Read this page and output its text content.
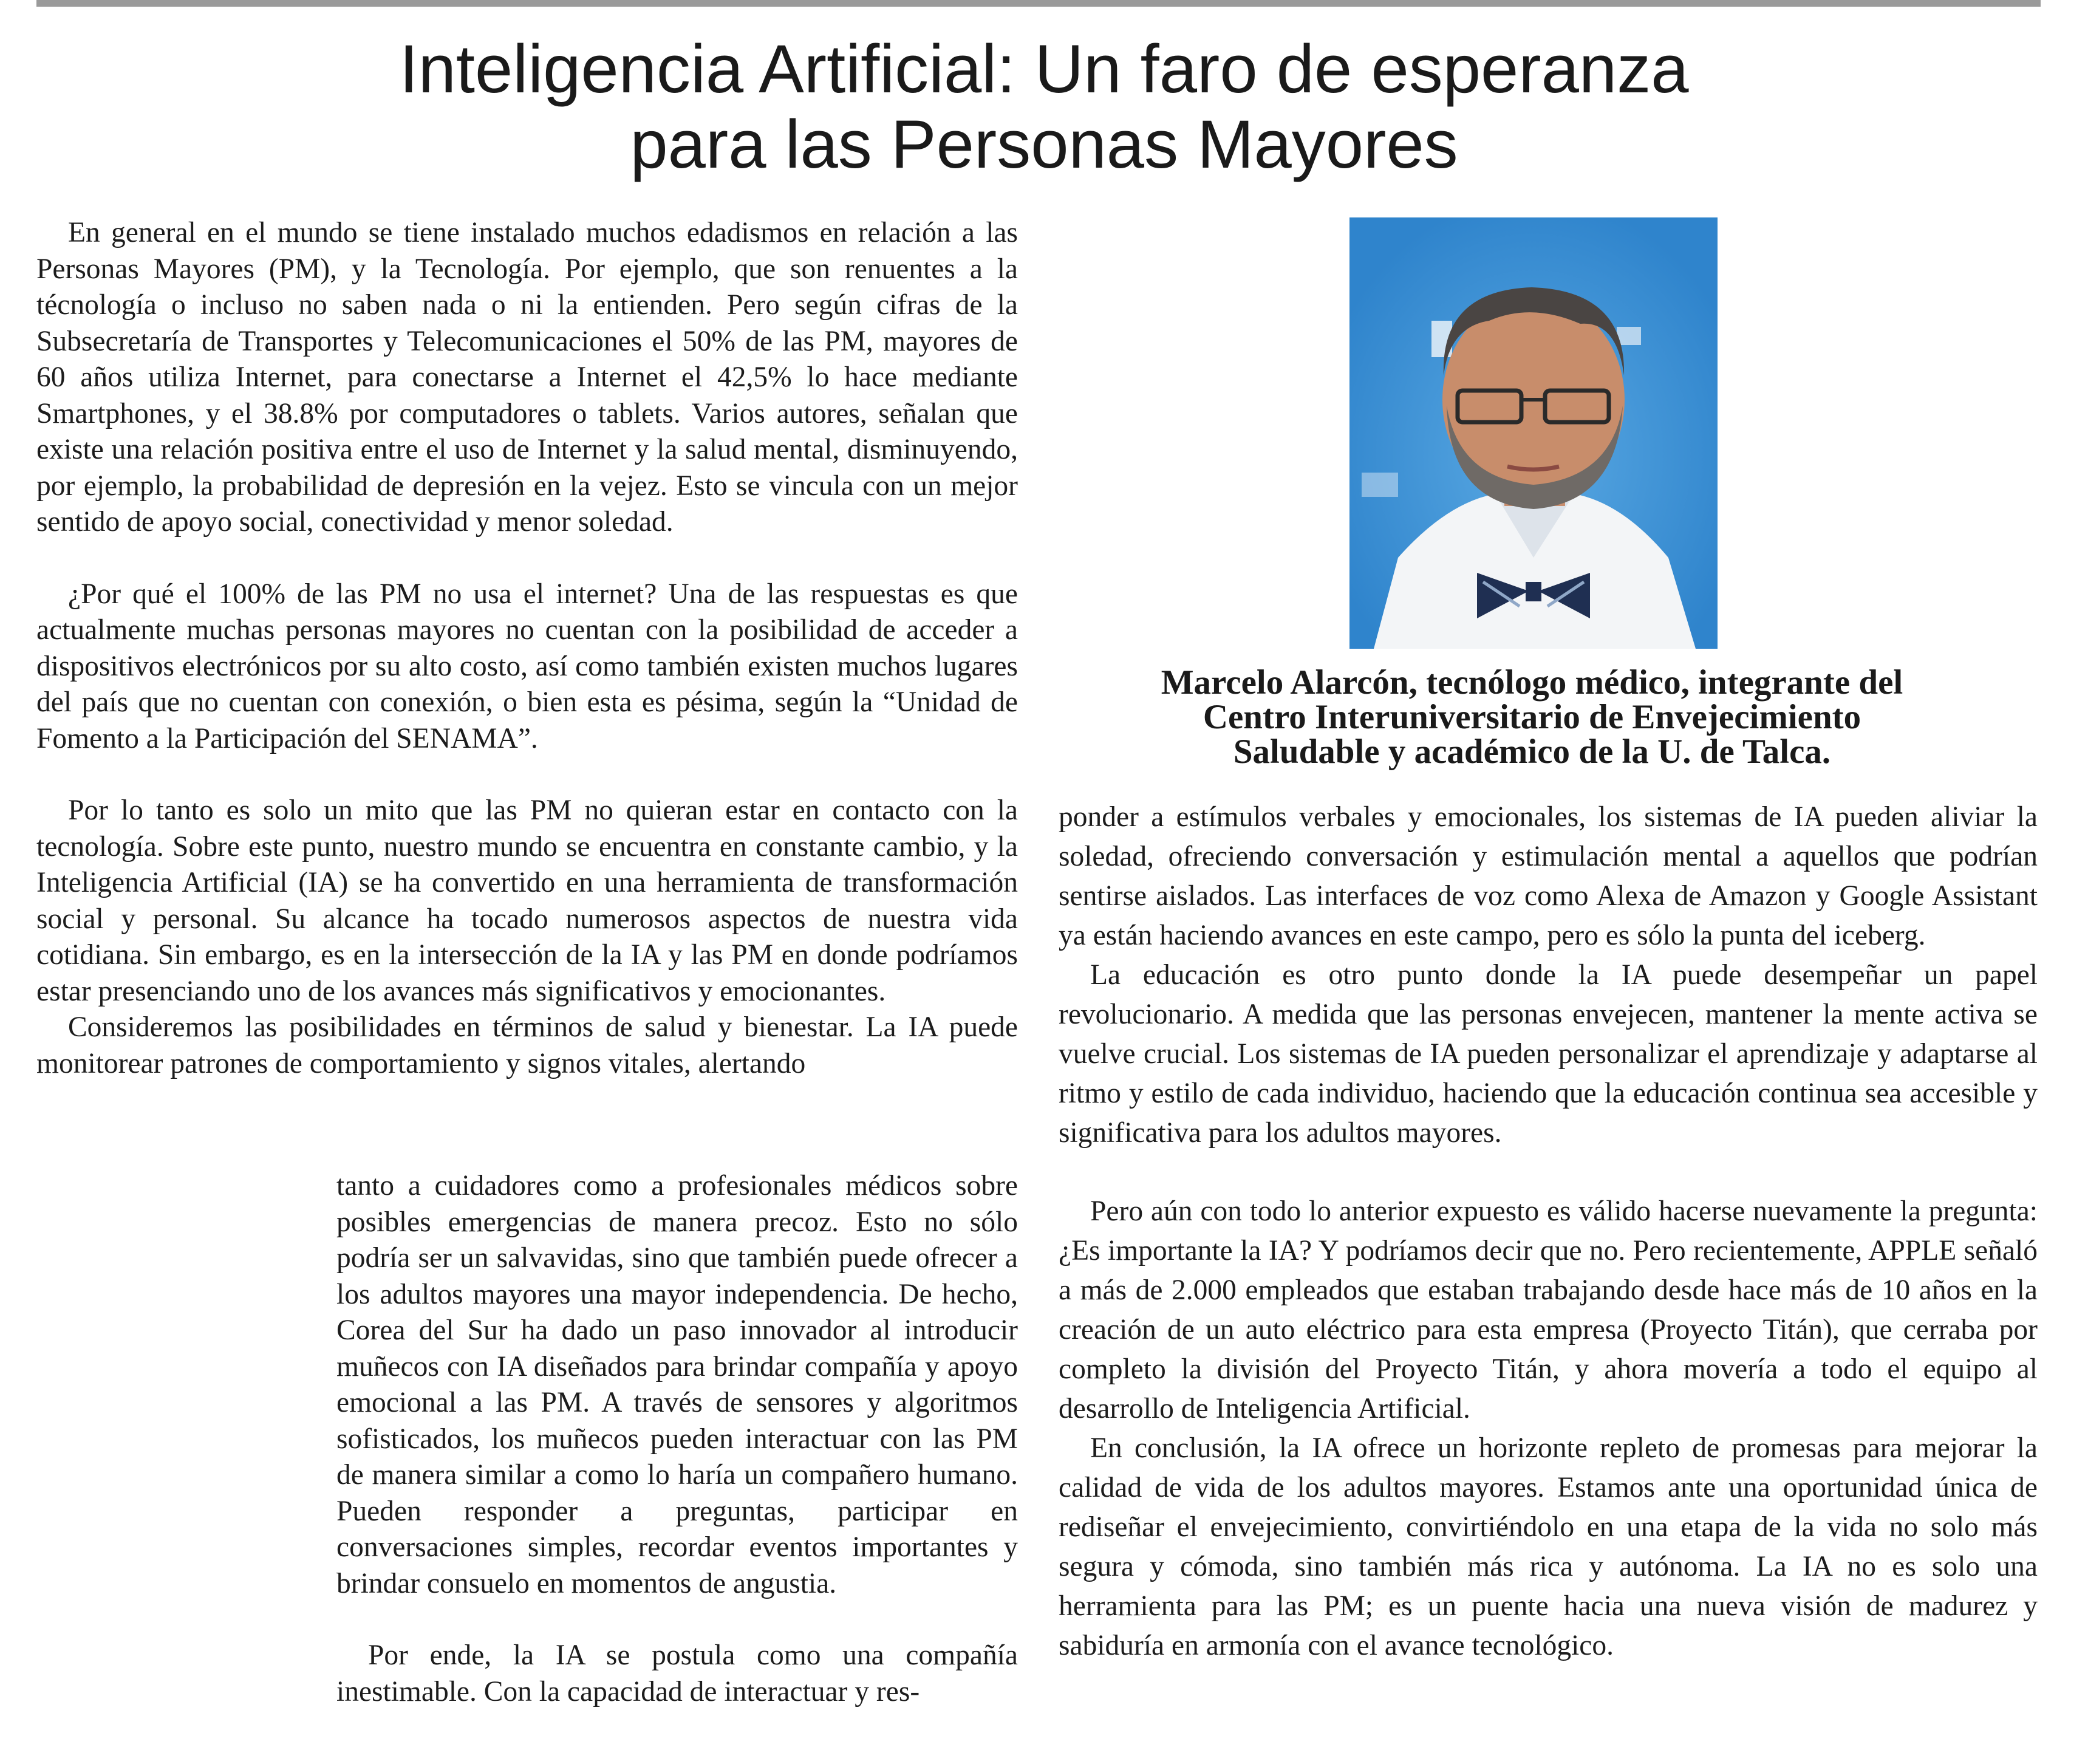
Inteligencia Artificial: Un faro de esperanza
para las Personas Mayores

En general en el mundo se tiene instalado muchos edadismos en relación a las Personas Mayores (PM), y la Tecnología. Por ejemplo, que son renuentes a la técnología o incluso no saben nada o ni la entienden. Pero según cifras de la Subsecretaría de Transportes y Telecomunicaciones el 50% de las PM, mayores de 60 años utiliza Internet, para conectarse a Internet el 42,5% lo hace mediante Smartphones, y el 38.8% por computadores o tablets. Varios autores, señalan que existe una relación positiva entre el uso de Internet y la salud mental, disminuyendo, por ejemplo, la probabilidad de depresión en la vejez. Esto se vincula con un mejor sentido de apoyo social, conectividad y menor soledad.

¿Por qué el 100% de las PM no usa el internet? Una de las respuestas es que actualmente muchas personas mayores no cuentan con la posibilidad de acceder a dispositivos electrónicos por su alto costo, así como también existen muchos lugares del país que no cuentan con conexión, o bien esta es pésima, según la “Unidad de Fomento a la Participación del SENAMA”.

Por lo tanto es solo un mito que las PM no quieran estar en contacto con la tecnología. Sobre este punto, nuestro mundo se encuentra en constante cambio, y la Inteligencia Artificial (IA) se ha convertido en una herramienta de transformación social y personal. Su alcance ha tocado numerosos aspectos de nuestra vida cotidiana. Sin embargo, es en la intersección de la IA y las PM en donde podríamos estar presenciando uno de los avances más significativos y emocionantes.

Consideremos las posibilidades en términos de salud y bienestar. La IA puede monitorear patrones de comportamiento y signos vitales, alertando

tanto a cuidadores como a profesionales médicos sobre posibles emergencias de manera precoz. Esto no sólo podría ser un salvavidas, sino que también puede ofrecer a los adultos mayores una mayor independencia. De hecho, Corea del Sur ha dado un paso innovador al introducir muñecos con IA diseñados para brindar compañía y apoyo emocional a las PM. A través de sensores y algoritmos sofisticados, los muñecos pueden interactuar con las PM de manera similar a como lo haría un compañero humano. Pueden responder a preguntas, participar en conversaciones simples, recordar eventos importantes y brindar consuelo en momentos de angustia.

Por ende, la IA se postula como una compañía inestimable. Con la capacidad de interactuar y res-

Marcelo Alarcón, tecnólogo médico, integrante del
Centro Interuniversitario de Envejecimiento
Saludable y académico de la U. de Talca.

ponder a estímulos verbales y emocionales, los sistemas de IA pueden aliviar la soledad, ofreciendo conversación y estimulación mental a aquellos que podrían sentirse aislados. Las interfaces de voz como Alexa de Amazon y Google Assistant ya están haciendo avances en este campo, pero es sólo la punta del iceberg.

La educación es otro punto donde la IA puede desempeñar un papel revolucionario. A medida que las personas envejecen, mantener la mente activa se vuelve crucial. Los sistemas de IA pueden personalizar el aprendizaje y adaptarse al ritmo y estilo de cada individuo, haciendo que la educación continua sea accesible y significativa para los adultos mayores.

Pero aún con todo lo anterior expuesto es válido hacerse nuevamente la pregunta: ¿Es importante la IA? Y podríamos decir que no. Pero recientemente, APPLE señaló a más de 2.000 empleados que estaban trabajando desde hace más de 10 años en la creación de un auto eléctrico para esta empresa (Proyecto Titán), que cerraba por completo la división del Proyecto Titán, y ahora movería a todo el equipo al desarrollo de Inteligencia Artificial.

En conclusión, la IA ofrece un horizonte repleto de promesas para mejorar la calidad de vida de los adultos mayores. Estamos ante una oportunidad única de rediseñar el envejecimiento, convirtiéndolo en una etapa de la vida no solo más segura y cómoda, sino también más rica y autónoma. La IA no es solo una herramienta para las PM; es un puente hacia una nueva visión de madurez y sabiduría en armonía con el avance tecnológico.
